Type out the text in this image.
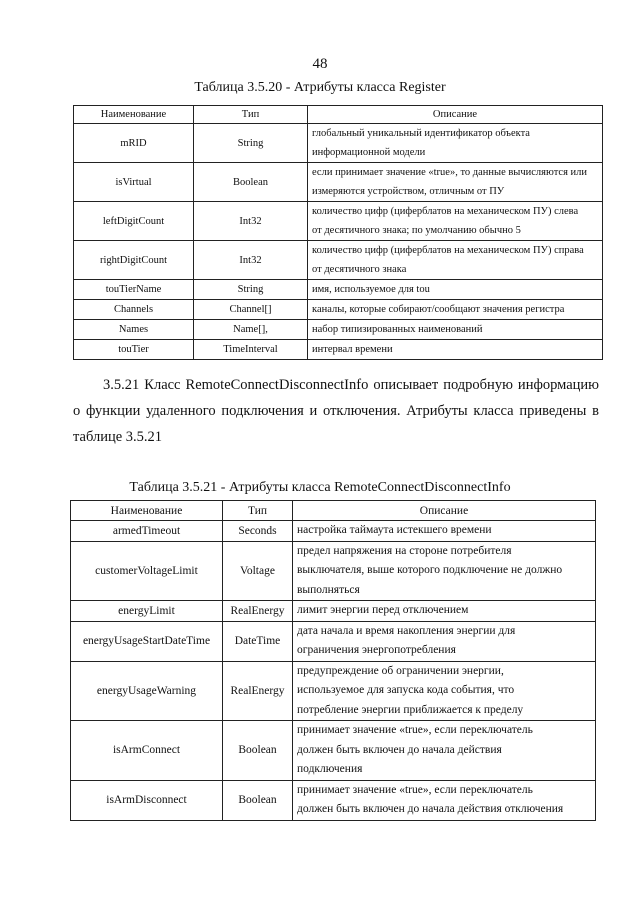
48
Таблица 3.5.20 - Атрибуты класса Register
Наименование	Тип	Описание
mRID	String	глобальный уникальный идентификатор объекта
информационной модели

isVirtual	Boolean	если принимает значение «true», то данные вычисляются или
измеряются устройством, отличным от ПУ

leftDigitCount	Int32	количество цифр (циферблатов на механическом ПУ) слева
от десятичного знака; по умолчанию обычно 5

rightDigitCount	Int32	количество цифр (циферблатов на механическом ПУ) справа
от десятичного знака

touTierName	String	имя, используемое для tou

Channels	Channel[]	каналы, которые собирают/сообщают значения регистра

Names	Name[],	набор типизированных наименований

touTier	TimeInterval	интервал времени
3.5.21 Класс RemoteConnectDisconnectInfo описывает подробную информацию
о функции удаленного подключения и отключения. Атрибуты класса приведены в
таблице 3.5.21
Таблица 3.5.21 - Атрибуты класса RemoteConnectDisconnectInfo
Наименование	Тип	Описание
armedTimeout	Seconds	настройка таймаута истекшего времени

customerVoltageLimit	Voltage	предел напряжения на стороне потребителя
выключателя, выше которого подключение не должно
выполняться

energyLimit	RealEnergy	лимит энергии перед отключением

energyUsageStartDateTime	DateTime	дата начала и время накопления энергии для
ограничения энергопотребления

energyUsageWarning	RealEnergy	предупреждение об ограничении энергии,
используемое для запуска кода события, что
потребление энергии приближается к пределу

isArmConnect	Boolean	принимает значение «true», если переключатель
должен быть включен до начала действия
подключения

isArmDisconnect	Boolean	принимает значение «true», если переключатель
должен быть включен до начала действия отключения
